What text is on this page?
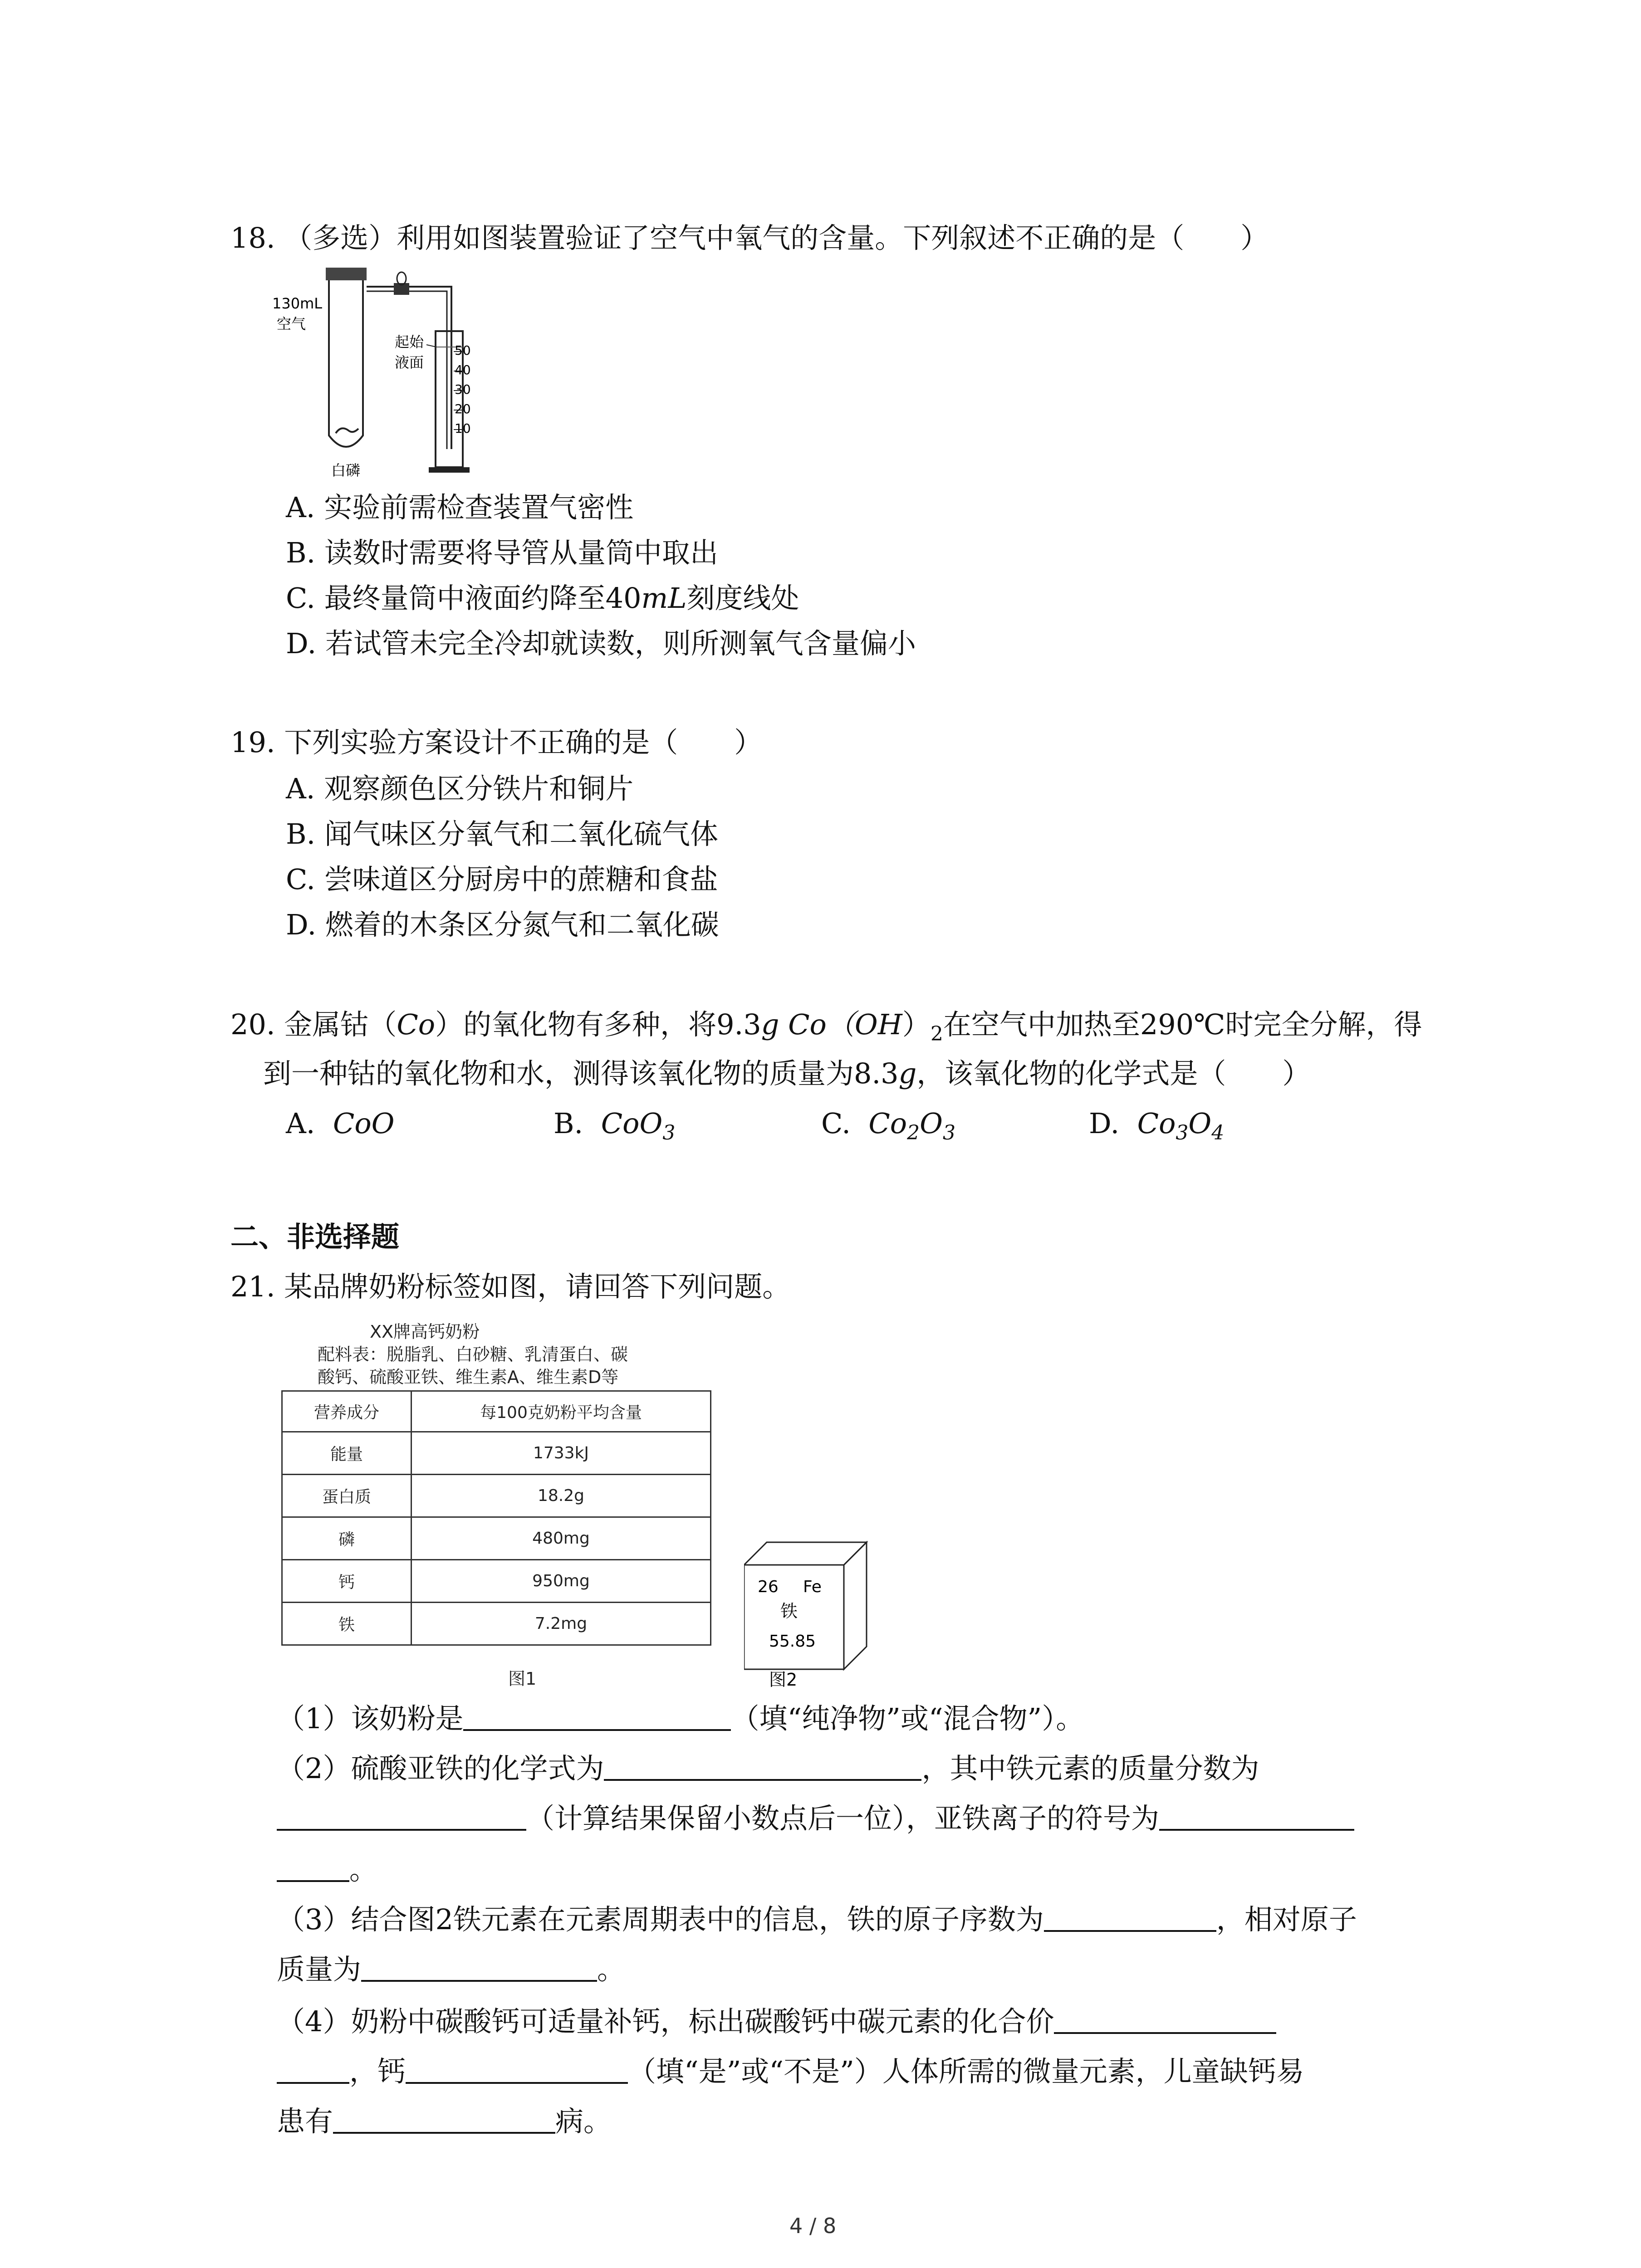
18. （多选）利用如图装置验证了空气中氧气的含量。下列叙述不正确的是（　　）
50
40
30
20
10
130mL
空气
起始
液面
白磷
A. 实验前需检查装置气密性
B. 读数时需要将导管从量筒中取出
C. 最终量筒中液面约降至40mL刻度线处
D. 若试管未完全冷却就读数，则所测氧气含量偏小
19. 下列实验方案设计不正确的是（　　）
A. 观察颜色区分铁片和铜片
B. 闻气味区分氧气和二氧化硫气体
C. 尝味道区分厨房中的蔗糖和食盐
D. 燃着的木条区分氮气和二氧化碳
20. 金属钴（Co）的氧化物有多种，将9.3g $Co(OH)_2$在空气中加热至290℃时完全分解，得
到一种钴的氧化物和水，测得该氧化物的质量为8.3g，该氧化物的化学式是（　　）
A. CoO	B. CoO$_3$	C. $Co_2O_3$	D. $Co_3O_4$
二、非选择题
21. 某品牌奶粉标签如图，请回答下列问题。
XX牌高钙奶粉
配料表：脱脂乳、白砂糖、乳清蛋白、碳
酸钙、硫酸亚铁、维生素A、维生素D等
营养成分	每100克奶粉平均含量
能量	1733kJ
蛋白质	18.2g
磷	480mg
钙	950mg
铁	7.2mg
图1
26 Fe
铁
55.85
图2
（1）该奶粉是	（填“纯净物”或“混合物”）。
（2）硫酸亚铁的化学式为	，其中铁元素的质量分数为
（计算结果保留小数点后一位），亚铁离子的符号为
。
（3）结合图2铁元素在元素周期表中的信息，铁的原子序数为	，相对原子
质量为	。
（4）奶粉中碳酸钙可适量补钙，标出碳酸钙中碳元素的化合价
，钙	（填“是”或“不是”）人体所需的微量元素，儿童缺钙易
患有	病。
4 / 8
